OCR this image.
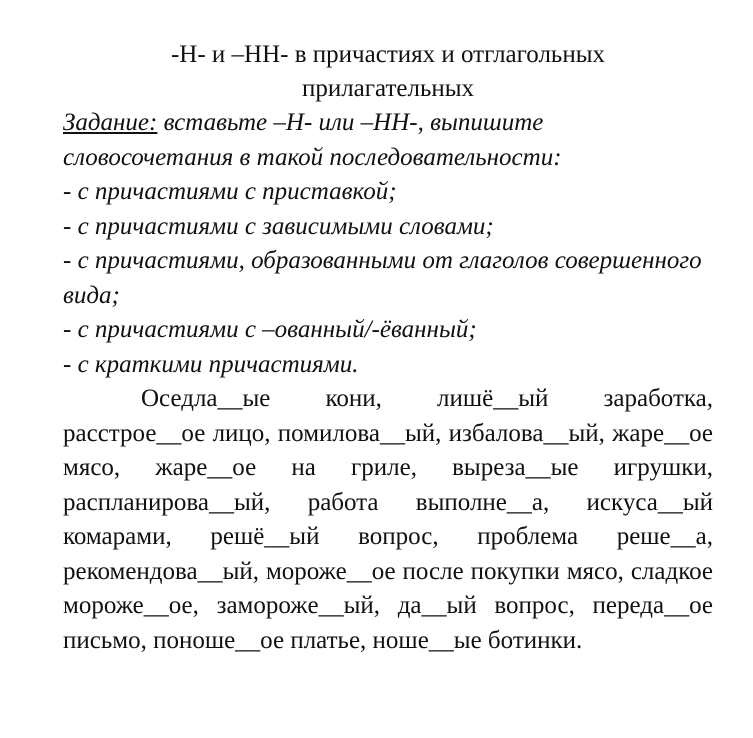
-Н- и –НН- в причастиях и отглагольных
прилагательных

Задание: вставьте –Н- или –НН-, выпишите словосочетания в такой последовательности:

- с причастиями с приставкой;

- с причастиями с зависимыми словами;

- с причастиями, образованными от глаголов совершенного вида;

- с причастиями с –ованный/-ёванный;

- с краткими причастиями.

Оседла__ые кони, лишё__ый заработка, расстрое__ое лицо, помилова__ый, избалова__ый, жаре__ое мясо, жаре__ое на гриле, выреза__ые игрушки, распланирова__ый, работа выполне__а, искуса__ый комарами, решё__ый вопрос, проблема реше__а, рекомендова__ый, мороже__ое после покупки мясо, сладкое мороже__ое, заморожe__ый, да__ый вопрос, переда__ое письмо, поноше__ое платье, ноше__ые ботинки.
